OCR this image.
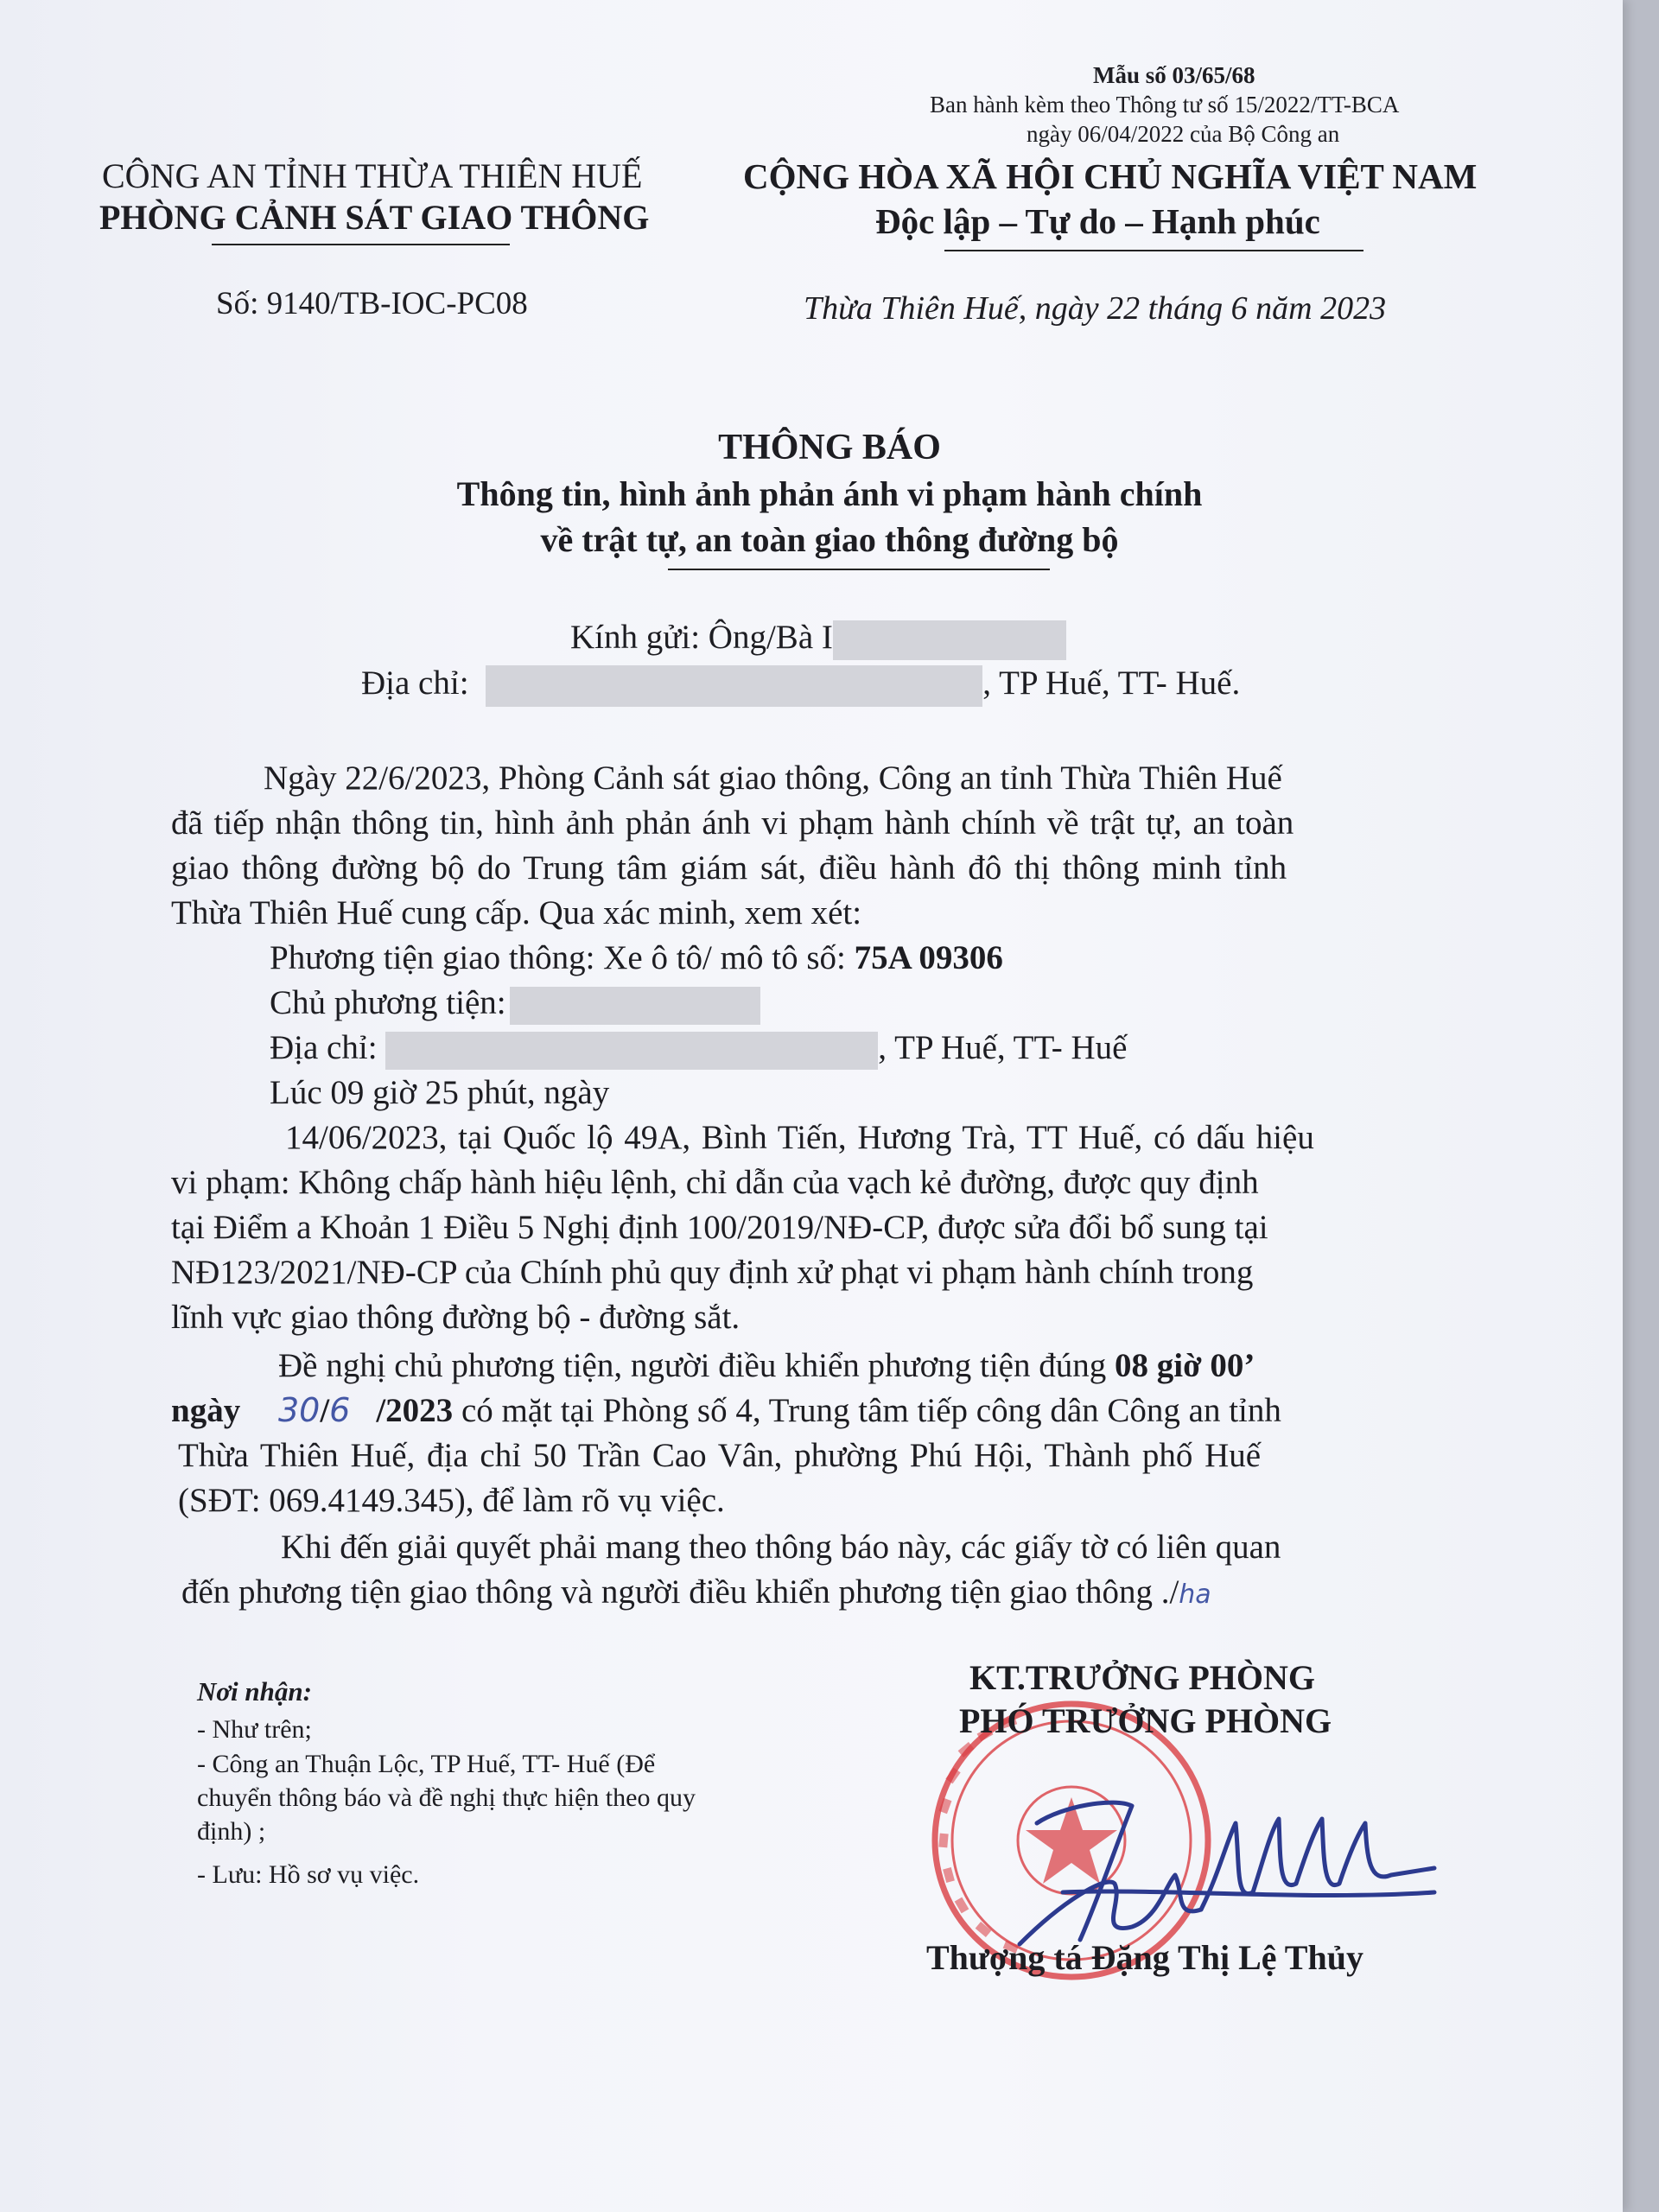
Mẫu số 03/65/68
Ban hành kèm theo Thông tư số 15/2022/TT-BCA
ngày 06/04/2022 của Bộ Công an
CÔNG AN TỈNH THỪA THIÊN HUẾ
PHÒNG CẢNH SÁT GIAO THÔNG
Số: 9140/TB-IOC-PC08
CỘNG HÒA XÃ HỘI CHỦ NGHĨA VIỆT NAM
Độc lập – Tự do – Hạnh phúc
Thừa Thiên Huế, ngày 22 tháng 6 năm 2023
THÔNG BÁO
Thông tin, hình ảnh phản ánh vi phạm hành chính
về trật tự, an toàn giao thông đường bộ
Kính gửi: Ông/Bà I
Địa chỉ:	, TP Huế, TT- Huế.
Ngày 22/6/2023, Phòng Cảnh sát giao thông, Công an tỉnh Thừa Thiên Huế
đã tiếp nhận thông tin, hình ảnh phản ánh vi phạm hành chính về trật tự, an toàn
giao thông đường bộ do Trung tâm giám sát, điều hành đô thị thông minh tỉnh
Thừa Thiên Huế cung cấp. Qua xác minh, xem xét:
Phương tiện giao thông: Xe ô tô/ mô tô số: 75A 09306
Chủ phương tiện:
Địa chỉ:	, TP Huế, TT- Huế
Lúc 09 giờ 25 phút, ngày
14/06/2023, tại Quốc lộ 49A, Bình Tiến, Hương Trà, TT Huế, có dấu hiệu
vi phạm: Không chấp hành hiệu lệnh, chỉ dẫn của vạch kẻ đường, được quy định
tại Điểm a Khoản 1 Điều 5 Nghị định 100/2019/NĐ-CP, được sửa đổi bổ sung tại
NĐ123/2021/NĐ-CP của Chính phủ quy định xử phạt vi phạm hành chính trong
lĩnh vực giao thông đường bộ - đường sắt.
Đề nghị chủ phương tiện, người điều khiển phương tiện đúng 08 giờ 00’
ngày 30/6 /2023 có mặt tại Phòng số 4, Trung tâm tiếp công dân Công an tỉnh
Thừa Thiên Huế, địa chỉ 50 Trần Cao Vân, phường Phú Hội, Thành phố Huế
(SĐT: 069.4149.345), để làm rõ vụ việc.
Khi đến giải quyết phải mang theo thông báo này, các giấy tờ có liên quan
đến phương tiện giao thông và người điều khiển phương tiện giao thông ./ha
Nơi nhận:
- Như trên;
- Công an Thuận Lộc, TP Huế, TT- Huế (Để
chuyển thông báo và đề nghị thực hiện theo quy
định) ;
- Lưu: Hồ sơ vụ việc.
KT.TRƯỞNG PHÒNG
PHÓ TRƯỞNG PHÒNG
Thượng tá Đặng Thị Lệ Thủy
